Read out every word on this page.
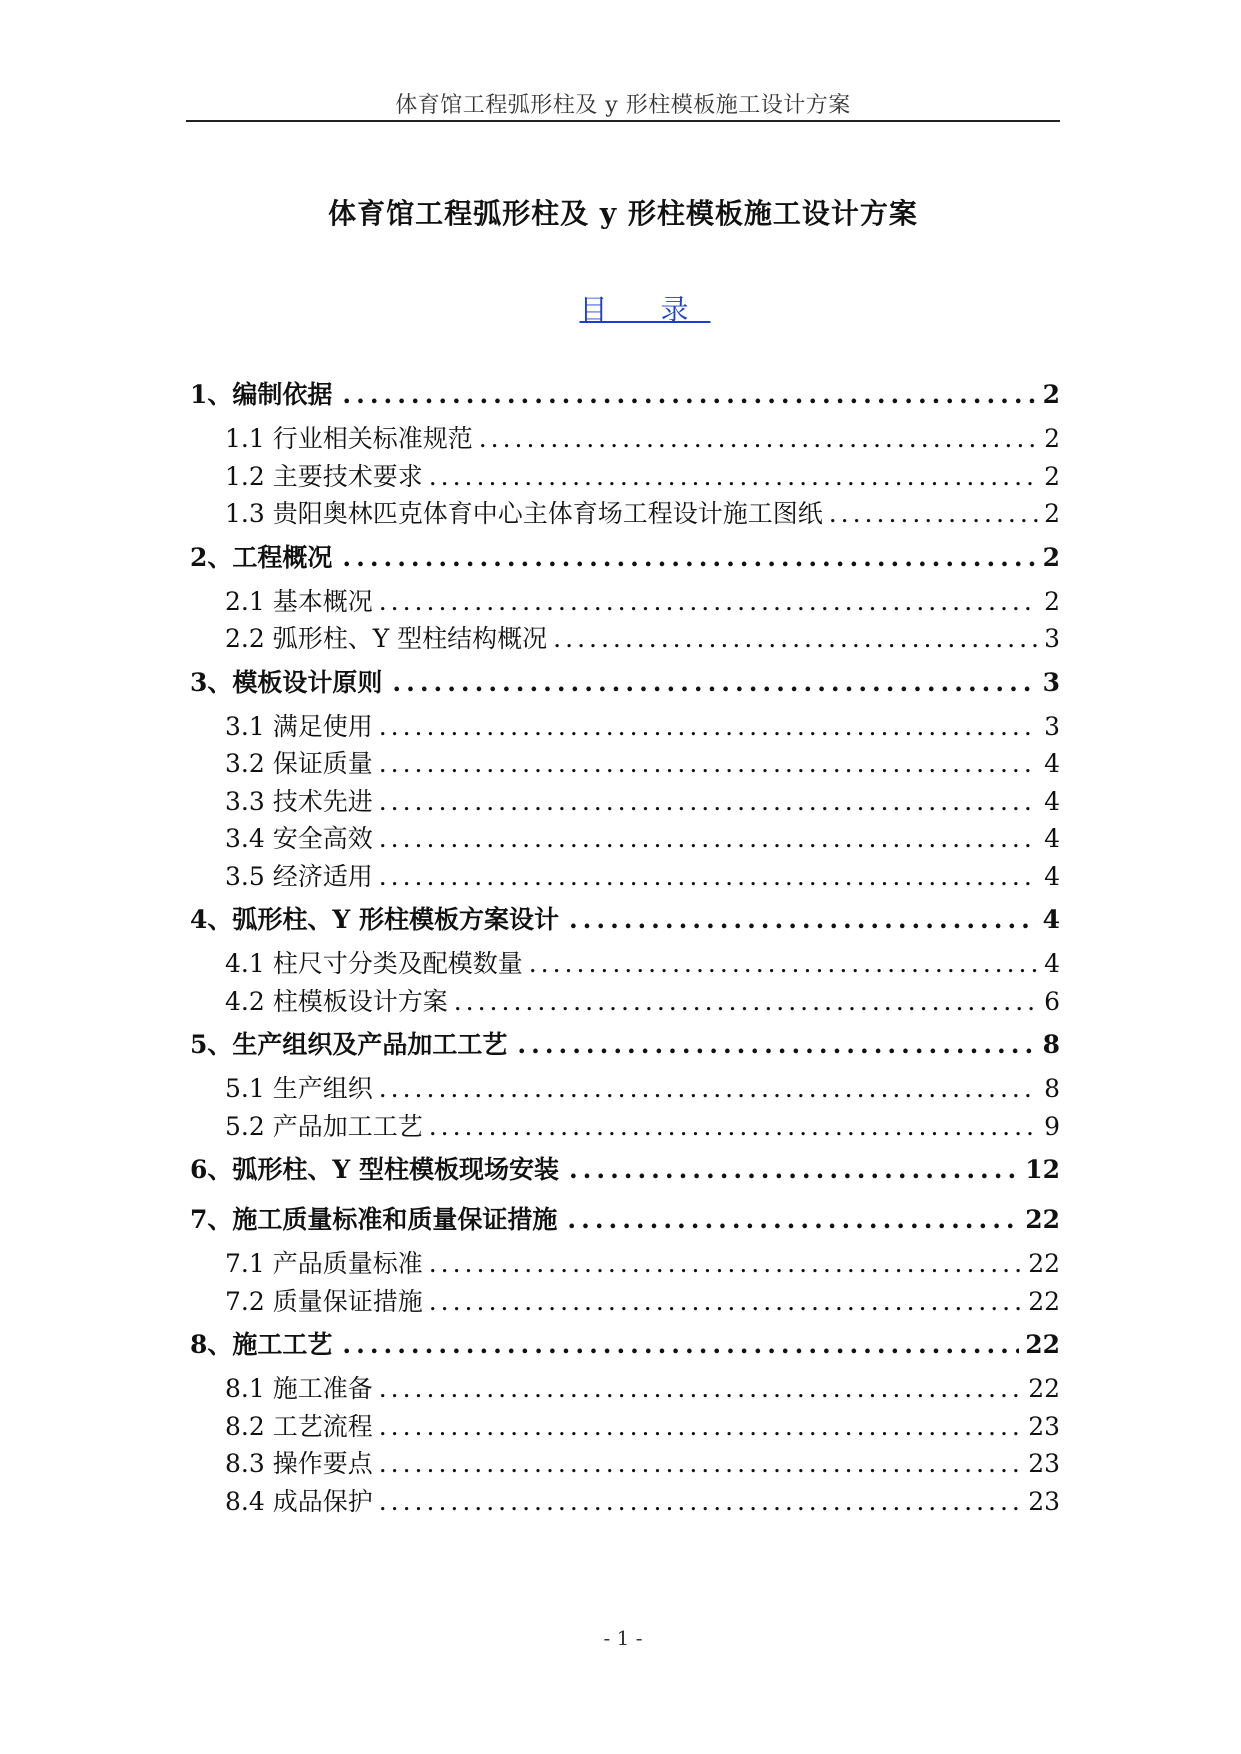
体育馆工程弧形柱及 y 形柱模板施工设计方案
体育馆工程弧形柱及 y 形柱模板施工设计方案
目 录
1、编制依据 .....	2
1.1 行业相关标准规范 .....	2
1.2 主要技术要求 .....	2
1.3 贵阳奥林匹克体育中心主体育场工程设计施工图纸 .....	2
2、工程概况 .....	2
2.1 基本概况 .....	2
2.2 弧形柱、Y 型柱结构概况 .....	3
3、模板设计原则 .....	3
3.1 满足使用 .....	3
3.2 保证质量 .....	4
3.3 技术先进 .....	4
3.4 安全高效 .....	4
3.5 经济适用 .....	4
4、弧形柱、Y 形柱模板方案设计 .....	4
4.1 柱尺寸分类及配模数量 .....	4
4.2 柱模板设计方案 .....	6
5、生产组织及产品加工工艺 .....	8
5.1 生产组织 .....	8
5.2 产品加工工艺 .....	9
6、弧形柱、Y 型柱模板现场安装 .....	12
7、施工质量标准和质量保证措施 .....	22
7.1 产品质量标准 .....	22
7.2 质量保证措施 .....	22
8、施工工艺 .....	22
8.1 施工准备 .....	22
8.2 工艺流程 .....	23
8.3 操作要点 .....	23
8.4 成品保护 .....	23
- 1 -
